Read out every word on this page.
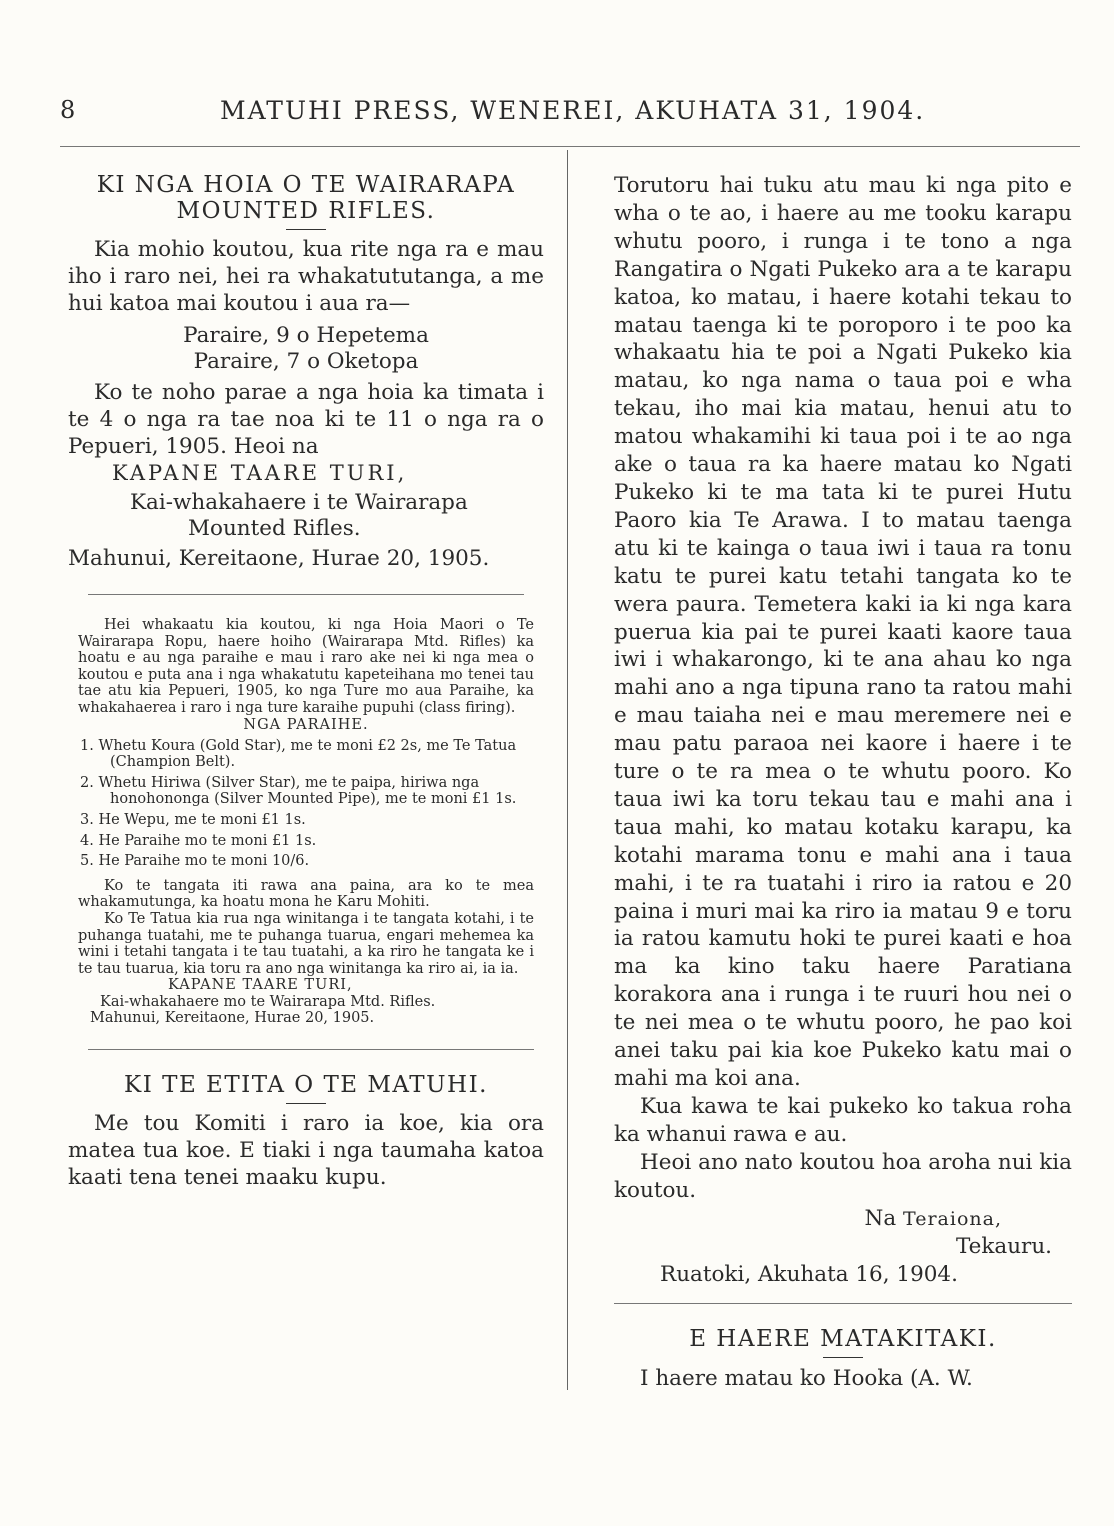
8	MATUHI PRESS, WENEREI, AKUHATA 31, 1904.
KI NGA HOIA O TE WAIRARAPA
MOUNTED RIFLES.

Kia mohio koutou, kua rite nga ra e mau iho i raro nei, hei ra whakatututanga, a me hui katoa mai koutou i aua ra—

Paraire, 9 o Hepetema
Paraire, 7 o Oketopa

Ko te noho parae a nga hoia ka timata i te 4 o nga ra tae noa ki te 11 o nga ra o Pepueri, 1905. Heoi na

KAPANE TAARE TURI,
Kai-whakahaere i te Wairarapa
Mounted Rifles.
Mahunui, Kereitaone, Hurae 20, 1905.

Hei whakaatu kia koutou, ki nga Hoia Maori o Te Wairarapa Ropu, haere hoiho (Wairarapa Mtd. Rifles) ka hoatu e au nga paraihe e mau i raro ake nei ki nga mea o koutou e puta ana i nga whakatutu kapeteihana mo tenei tau tae atu kia Pepueri, 1905, ko nga Ture mo aua Paraihe, ka whakahaerea i raro i nga ture karaihe pupuhi (class firing).

NGA PARAIHE.

1. Whetu Koura (Gold Star), me te moni £2 2s, me Te Tatua (Champion Belt).

2. Whetu Hiriwa (Silver Star), me te paipa, hiriwa nga honohononga (Silver Mounted Pipe), me te moni £1 1s.

3. He Wepu, me te moni £1 1s.

4. He Paraihe mo te moni £1 1s.

5. He Paraihe mo te moni 10/6.

Ko te tangata iti rawa ana paina, ara ko te mea whakamutunga, ka hoatu mona he Karu Mohiti.

Ko Te Tatua kia rua nga winitanga i te tangata kotahi, i te puhanga tuatahi, me te puhanga tuarua, engari mehemea ka wini i tetahi tangata i te tau tuatahi, a ka riro he tangata ke i te tau tuarua, kia toru ra ano nga winitanga ka riro ai, ia ia.

KAPANE TAARE TURI,
Kai-whakahaere mo te Wairarapa Mtd. Rifles.
Mahunui, Kereitaone, Hurae 20, 1905.
KI TE ETITA O TE MATUHI.

Me tou Komiti i raro ia koe, kia ora matea tua koe. E tiaki i nga taumaha katoa kaati tena tenei maaku kupu.

Torutoru hai tuku atu mau ki nga pito e wha o te ao, i haere au me tooku karapu whutu pooro, i runga i te tono a nga Rangatira o Ngati Pukeko ara a te karapu katoa, ko matau, i haere kotahi tekau to matau taenga ki te poroporo i te poo ka whakaatu hia te poi a Ngati Pukeko kia matau, ko nga nama o taua poi e wha tekau, iho mai kia matau, henui atu to matou whakamihi ki taua poi i te ao nga ake o taua ra ka haere matau ko Ngati Pukeko ki te ma tata ki te purei Hutu Paoro kia Te Arawa. I to matau taenga atu ki te kainga o taua iwi i taua ra tonu katu te purei katu tetahi tangata ko te wera paura. Temetera kaki ia ki nga kara puerua kia pai te purei kaati kaore taua iwi i whakarongo, ki te ana ahau ko nga mahi ano a nga tipuna rano ta ratou mahi e mau taiaha nei e mau meremere nei e mau patu paraoa nei kaore i haere i te ture o te ra mea o te whutu pooro. Ko taua iwi ka toru tekau tau e mahi ana i taua mahi, ko matau kotaku karapu, ka kotahi marama tonu e mahi ana i taua mahi, i te ra tuatahi i riro ia ratou e 20 paina i muri mai ka riro ia matau 9 e toru ia ratou kamutu hoki te purei kaati e hoa ma ka kino taku haere Paratiana korakora ana i runga i te ruuri hou nei o te nei mea o te whutu pooro, he pao koi anei taku pai kia koe Pukeko katu mai o mahi ma koi ana.

Kua kawa te kai pukeko ko takua roha ka whanui rawa e au.

Heoi ano nato koutou hoa aroha nui kia koutou.

Na Teraiona,
Tekauru.
Ruatoki, Akuhata 16, 1904.
E HAERE MATAKITAKI.

I haere matau ko Hooka (A. W.
